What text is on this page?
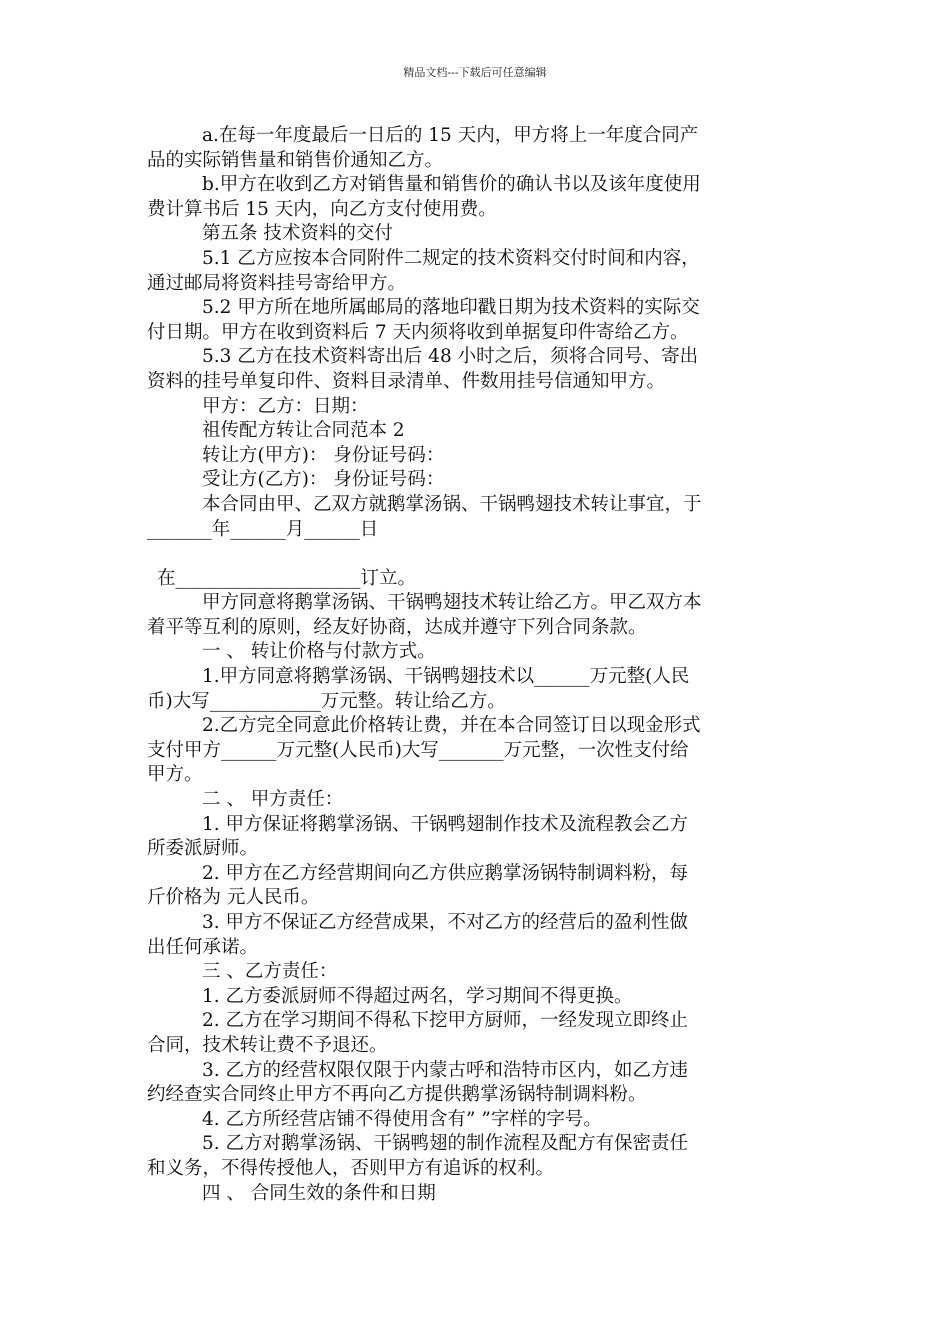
精品文档---下载后可任意编辑
a.在每一年度最后一日后的 15 天内，甲方将上一年度合同产
品的实际销售量和销售价通知乙方。
b.甲方在收到乙方对销售量和销售价的确认书以及该年度使用
费计算书后 15 天内，向乙方支付使用费。
第五条 技术资料的交付
5.1 乙方应按本合同附件二规定的技术资料交付时间和内容，
通过邮局将资料挂号寄给甲方。
5.2 甲方所在地所属邮局的落地印戳日期为技术资料的实际交
付日期。甲方在收到资料后 7 天内须将收到单据复印件寄给乙方。
5.3 乙方在技术资料寄出后 48 小时之后，须将合同号、寄出
资料的挂号单复印件、资料目录清单、件数用挂号信通知甲方。
甲方：乙方：日期：
祖传配方转让合同范本 2
转让方(甲方)： 身份证号码：
受让方(乙方)： 身份证号码：
本合同由甲、乙双方就鹅掌汤锅、干锅鸭翅技术转让事宜，于
_______年______月______日
在____________________订立。
甲方同意将鹅掌汤锅、干锅鸭翅技术转让给乙方。甲乙双方本
着平等互利的原则，经友好协商，达成并遵守下列合同条款。
一 、 转让价格与付款方式。
1.甲方同意将鹅掌汤锅、干锅鸭翅技术以______万元整(人民
币)大写____________万元整。转让给乙方。
2.乙方完全同意此价格转让费，并在本合同签订日以现金形式
支付甲方______万元整(人民币)大写_______万元整，一次性支付给
甲方。
二 、 甲方责任：
1. 甲方保证将鹅掌汤锅、干锅鸭翅制作技术及流程教会乙方
所委派厨师。
2. 甲方在乙方经营期间向乙方供应鹅掌汤锅特制调料粉，每
斤价格为 元人民币。
3. 甲方不保证乙方经营成果，不对乙方的经营后的盈利性做
出任何承诺。
三 、乙方责任：
1. 乙方委派厨师不得超过两名，学习期间不得更换。
2. 乙方在学习期间不得私下挖甲方厨师，一经发现立即终止
合同，技术转让费不予退还。
3. 乙方的经营权限仅限于内蒙古呼和浩特市区内，如乙方违
约经查实合同终止甲方不再向乙方提供鹅掌汤锅特制调料粉。
4. 乙方所经营店铺不得使用含有” ”字样的字号。
5. 乙方对鹅掌汤锅、干锅鸭翅的制作流程及配方有保密责任
和义务，不得传授他人，否则甲方有追诉的权利。
四 、 合同生效的条件和日期
